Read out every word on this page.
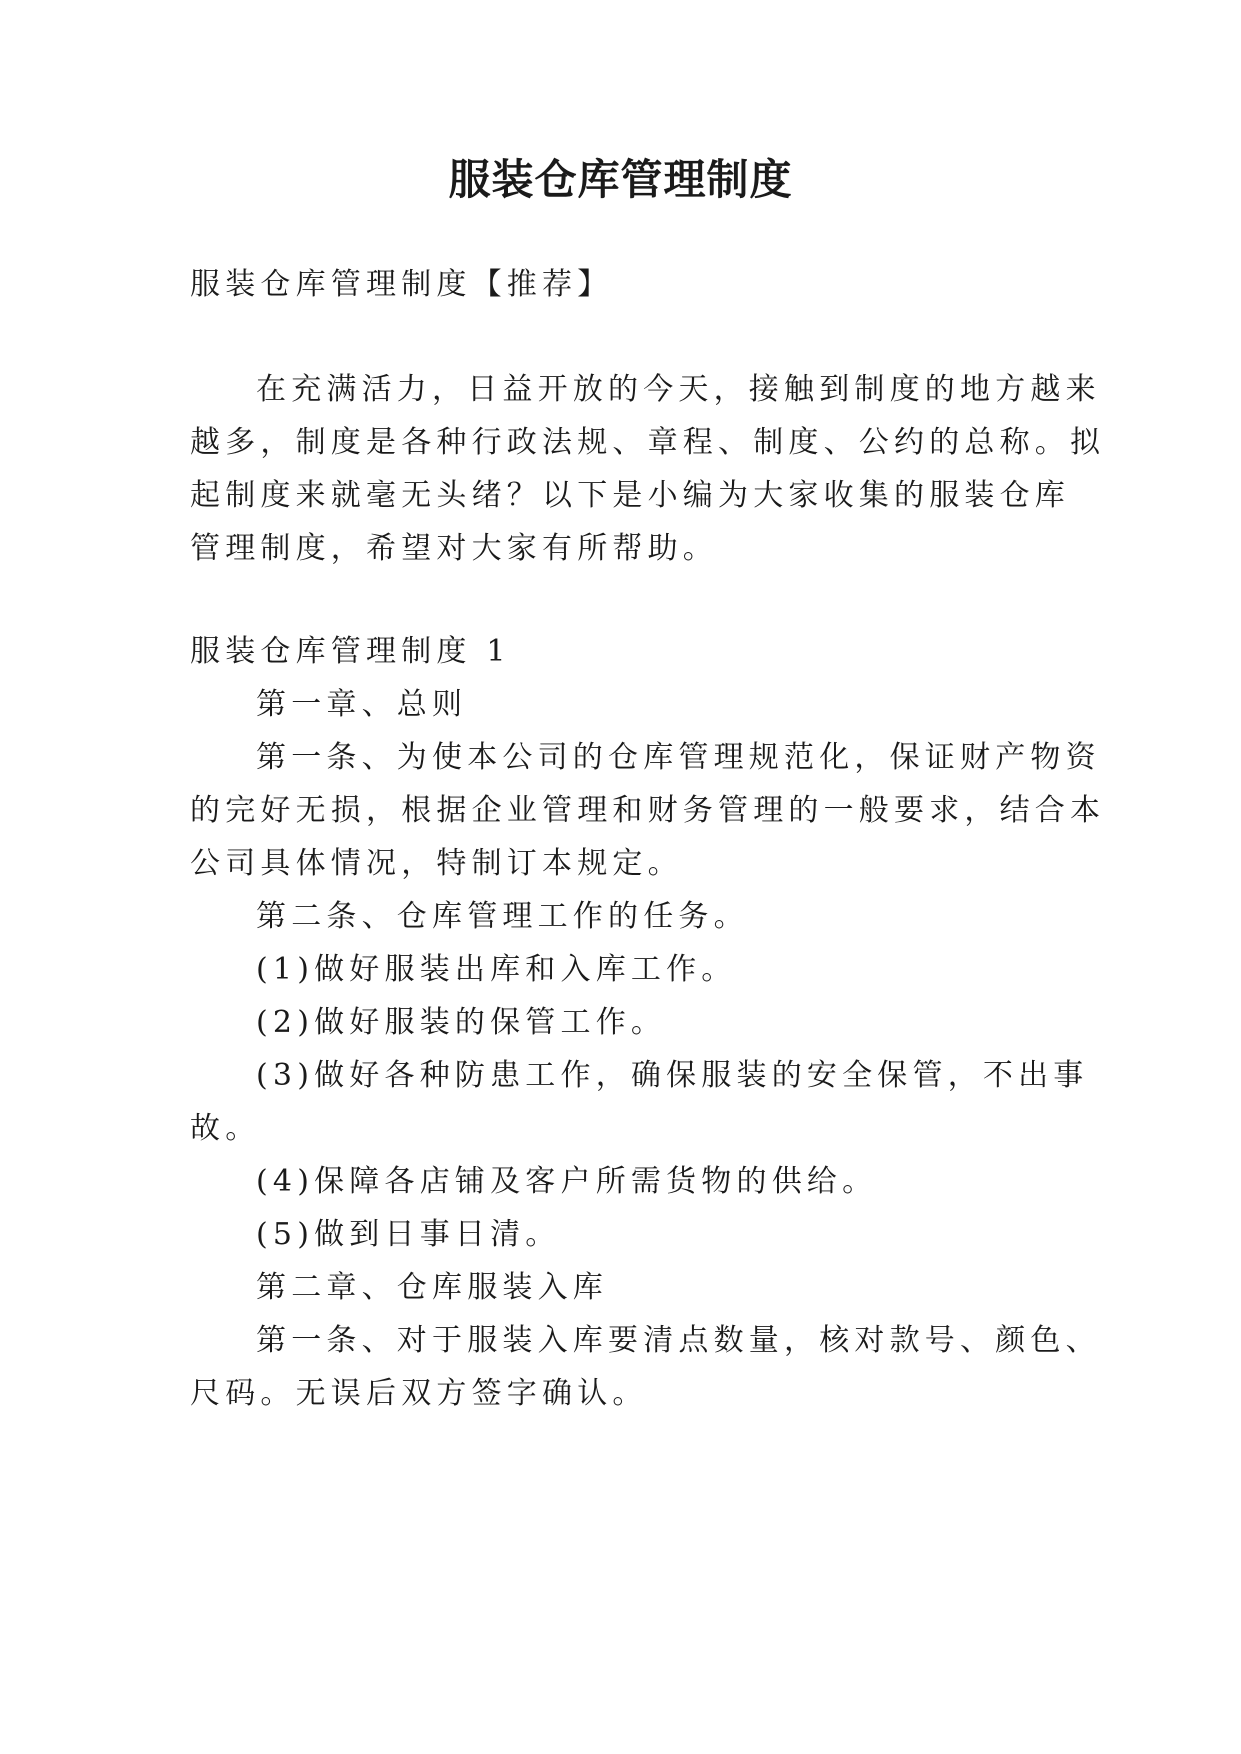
服装仓库管理制度

服装仓库管理制度【推荐】

在充满活力，日益开放的今天，接触到制度的地方越来

越多，制度是各种行政法规、章程、制度、公约的总称。拟

起制度来就毫无头绪？以下是小编为大家收集的服装仓库

管理制度，希望对大家有所帮助。

服装仓库管理制度 1

第一章、总则

第一条、为使本公司的仓库管理规范化，保证财产物资

的完好无损，根据企业管理和财务管理的一般要求，结合本

公司具体情况，特制订本规定。

第二条、仓库管理工作的任务。

(1)做好服装出库和入库工作。

(2)做好服装的保管工作。

(3)做好各种防患工作，确保服装的安全保管，不出事

故。

(4)保障各店铺及客户所需货物的供给。

(5)做到日事日清。

第二章、仓库服装入库

第一条、对于服装入库要清点数量，核对款号、颜色、

尺码。无误后双方签字确认。
